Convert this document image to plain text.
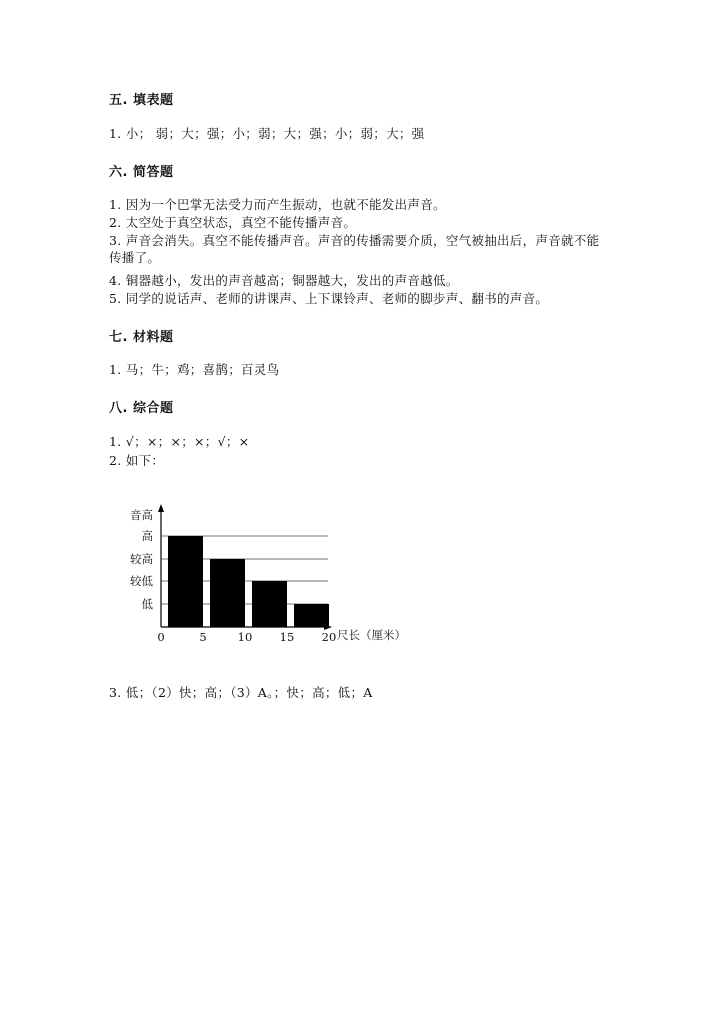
五. 填表题
1. 小； 弱；大；强；小；弱；大；强；小；弱；大；强
六. 简答题
1. 因为一个巴掌无法受力而产生振动，也就不能发出声音。
2. 太空处于真空状态，真空不能传播声音。
3. 声音会消失。真空不能传播声音。声音的传播需要介质，空气被抽出后，声音就不能传播了。
4. 铜器越小，发出的声音越高；铜器越大，发出的声音越低。
5. 同学的说话声、老师的讲课声、上下课铃声、老师的脚步声、翻书的声音。
七. 材料题
1. 马；牛；鸡；喜鹊；百灵鸟
八. 综合题
1. √；×；×；×；√；×
2. 如下：
高
较高
较低
低
音高
0	5	10 15 20 尺长（厘米）
3. 低；（2）快；高；（3）A。；快；高；低；A
